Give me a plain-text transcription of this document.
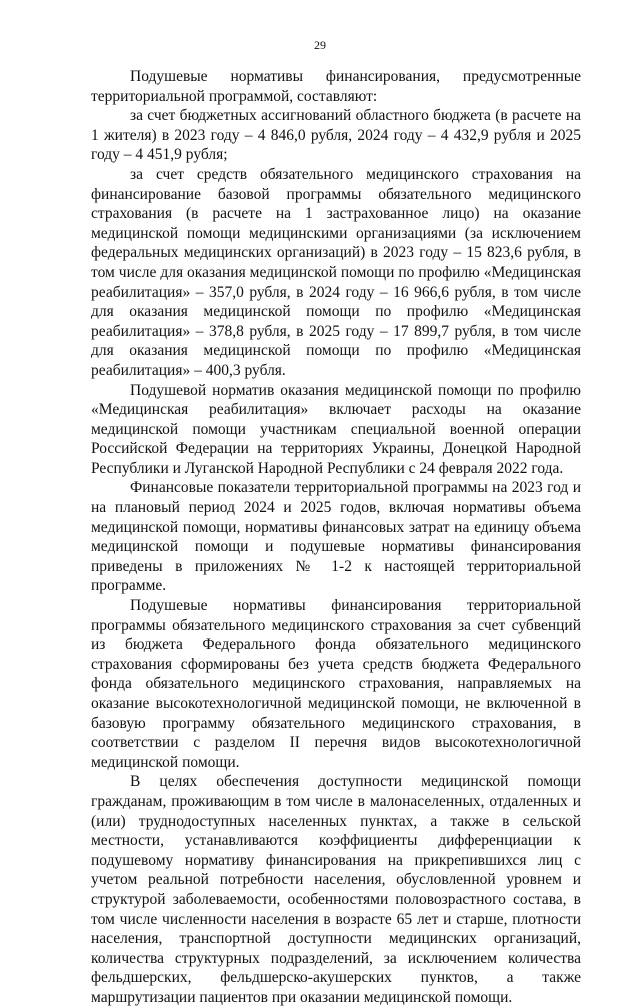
29

Подушевые нормативы финансирования, предусмотренные территориальной программой, составляют:

за счет бюджетных ассигнований областного бюджета (в расчете на 1 жителя) в 2023 году – 4 846,0 рубля, 2024 году – 4 432,9 рубля и 2025 году – 4 451,9 рубля;

за счет средств обязательного медицинского страхования на финансирование базовой программы обязательного медицинского страхования (в расчете на 1 застрахованное лицо) на оказание медицинской помощи медицинскими организациями (за исключением федеральных медицинских организаций) в 2023 году – 15 823,6 рубля, в том числе для оказания медицинской помощи по профилю «Медицинская реабилитация» – 357,0 рубля, в 2024 году – 16 966,6 рубля, в том числе для оказания медицинской помощи по профилю «Медицинская реабилитация» – 378,8 рубля, в 2025 году – 17 899,7 рубля, в том числе для оказания медицинской помощи по профилю «Медицинская реабилитация» – 400,3 рубля.

Подушевой норматив оказания медицинской помощи по профилю «Медицинская реабилитация» включает расходы на оказание медицинской помощи участникам специальной военной операции Российской Федерации на территориях Украины, Донецкой Народной Республики и Луганской Народной Республики с 24 февраля 2022 года.

Финансовые показатели территориальной программы на 2023 год и на плановый период 2024 и 2025 годов, включая нормативы объема медицинской помощи, нормативы финансовых затрат на единицу объема медицинской помощи и подушевые нормативы финансирования приведены в приложениях № 1-2 к настоящей территориальной программе.

Подушевые нормативы финансирования территориальной программы обязательного медицинского страхования за счет субвенций из бюджета Федерального фонда обязательного медицинского страхования сформированы без учета средств бюджета Федерального фонда обязательного медицинского страхования, направляемых на оказание высокотехнологичной медицинской помощи, не включенной в базовую программу обязательного медицинского страхования, в соответствии с разделом II перечня видов высокотехнологичной медицинской помощи.

В целях обеспечения доступности медицинской помощи гражданам, проживающим в том числе в малонаселенных, отдаленных и (или) труднодоступных населенных пунктах, а также в сельской местности, устанавливаются коэффициенты дифференциации к подушевому нормативу финансирования на прикрепившихся лиц с учетом реальной потребности населения, обусловленной уровнем и структурой заболеваемости, особенностями половозрастного состава, в том числе численности населения в возрасте 65 лет и старше, плотности населения, транспортной доступности медицинских организаций, количества структурных подразделений, за исключением количества фельдшерских, фельдшерско-акушерских пунктов, а также маршрутизации пациентов при оказании медицинской помощи.
